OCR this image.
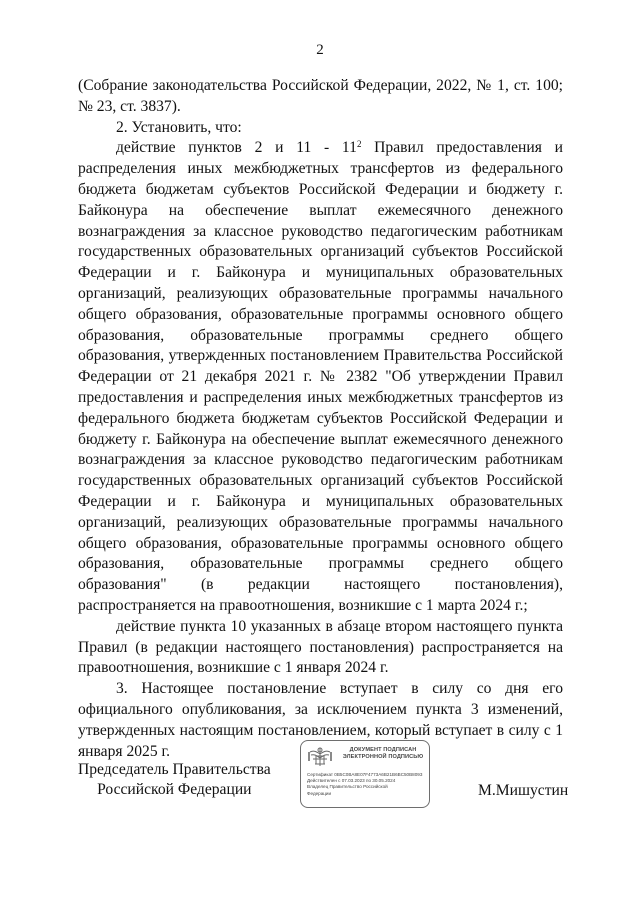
2

(Собрание законодательства Российской Федерации, 2022, № 1, ст. 100; № 23, ст. 3837).

2. Установить, что:

действие пунктов 2 и $11 - 11^2$ Правил предоставления и распределения иных межбюджетных трансфертов из федерального бюджета бюджетам субъектов Российской Федерации и бюджету г. Байконура на обеспечение выплат ежемесячного денежного вознаграждения за классное руководство педагогическим работникам государственных образовательных организаций субъектов Российской Федерации и г. Байконура и муниципальных образовательных организаций, реализующих образовательные программы начального общего образования, образовательные программы основного общего образования, образовательные программы среднего общего образования, утвержденных постановлением Правительства Российской Федерации от 21 декабря 2021 г. № 2382 "Об утверждении Правил предоставления и распределения иных межбюджетных трансфертов из федерального бюджета бюджетам субъектов Российской Федерации и бюджету г. Байконура на обеспечение выплат ежемесячного денежного вознаграждения за классное руководство педагогическим работникам государственных образовательных организаций субъектов Российской Федерации и г. Байконура и муниципальных образовательных организаций, реализующих образовательные программы начального общего образования, образовательные программы основного общего образования, образовательные программы среднего общего образования" (в редакции настоящего постановления), распространяется на правоотношения, возникшие с 1 марта 2024 г.;

действие пункта 10 указанных в абзаце втором настоящего пункта Правил (в редакции настоящего постановления) распространяется на правоотношения, возникшие с 1 января 2024 г.

3. Настоящее постановление вступает в силу со дня его официального опубликования, за исключением пункта 3 изменений, утвержденных настоящим постановлением, который вступает в силу с 1 января 2025 г.

Председатель Правительства
Российской Федерации
ДОКУМЕНТ ПОДПИСАН
ЭЛЕКТРОННОЙ ПОДПИСЬЮ
Сертификат 0B5C0BA8E07F4773A6B21B6BC50B8093
Действителен с 07.03.2023 по 30.05.2024
Владелец Правительство Российской
Федерации	М.Мишустин
